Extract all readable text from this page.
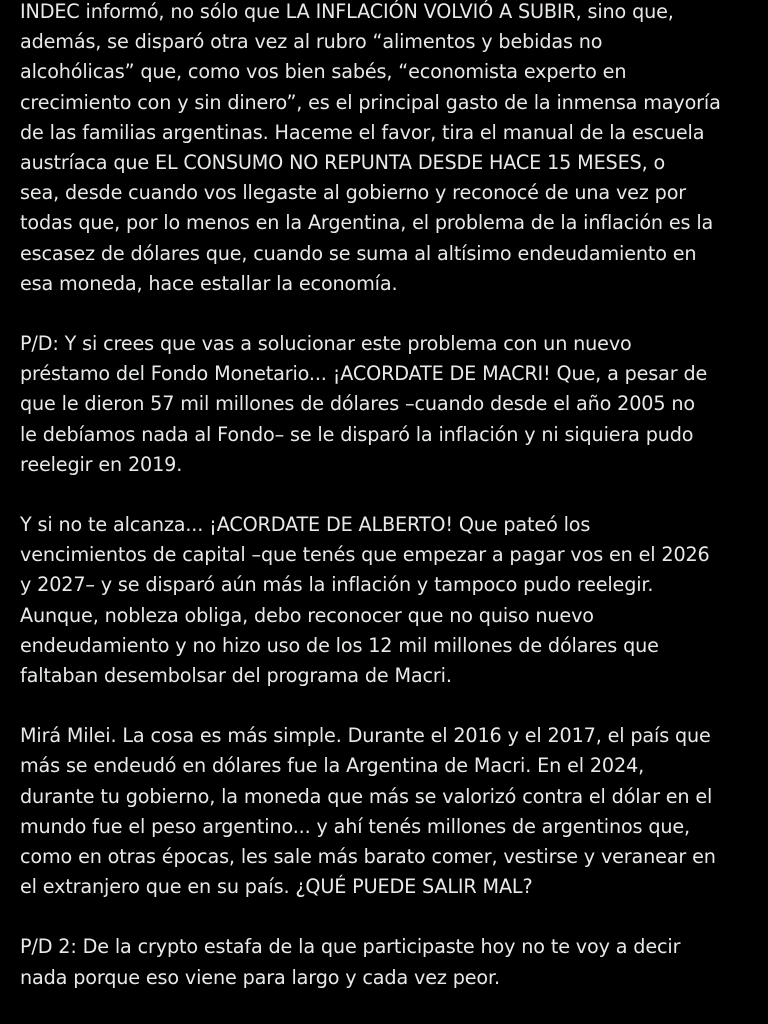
INDEC informó, no sólo que LA INFLACIÓN VOLVIÓ A SUBIR, sino que,
además, se disparó otra vez al rubro “alimentos y bebidas no
alcohólicas” que, como vos bien sabés, “economista experto en
crecimiento con y sin dinero”, es el principal gasto de la inmensa mayoría
de las familias argentinas. Haceme el favor, tira el manual de la escuela
austríaca que EL CONSUMO NO REPUNTA DESDE HACE 15 MESES, o
sea, desde cuando vos llegaste al gobierno y reconocé de una vez por
todas que, por lo menos en la Argentina, el problema de la inflación es la
escasez de dólares que, cuando se suma al altísimo endeudamiento en
esa moneda, hace estallar la economía.

P/D: Y si crees que vas a solucionar este problema con un nuevo
préstamo del Fondo Monetario... ¡ACORDATE DE MACRI! Que, a pesar de
que le dieron 57 mil millones de dólares –cuando desde el año 2005 no
le debíamos nada al Fondo– se le disparó la inflación y ni siquiera pudo
reelegir en 2019.

Y si no te alcanza... ¡ACORDATE DE ALBERTO! Que pateó los
vencimientos de capital –que tenés que empezar a pagar vos en el 2026
y 2027– y se disparó aún más la inflación y tampoco pudo reelegir.
Aunque, nobleza obliga, debo reconocer que no quiso nuevo
endeudamiento y no hizo uso de los 12 mil millones de dólares que
faltaban desembolsar del programa de Macri.

Mirá Milei. La cosa es más simple. Durante el 2016 y el 2017, el país que
más se endeudó en dólares fue la Argentina de Macri. En el 2024,
durante tu gobierno, la moneda que más se valorizó contra el dólar en el
mundo fue el peso argentino... y ahí tenés millones de argentinos que,
como en otras épocas, les sale más barato comer, vestirse y veranear en
el extranjero que en su país. ¿QUÉ PUEDE SALIR MAL?

P/D 2: De la crypto estafa de la que participaste hoy no te voy a decir
nada porque eso viene para largo y cada vez peor.
